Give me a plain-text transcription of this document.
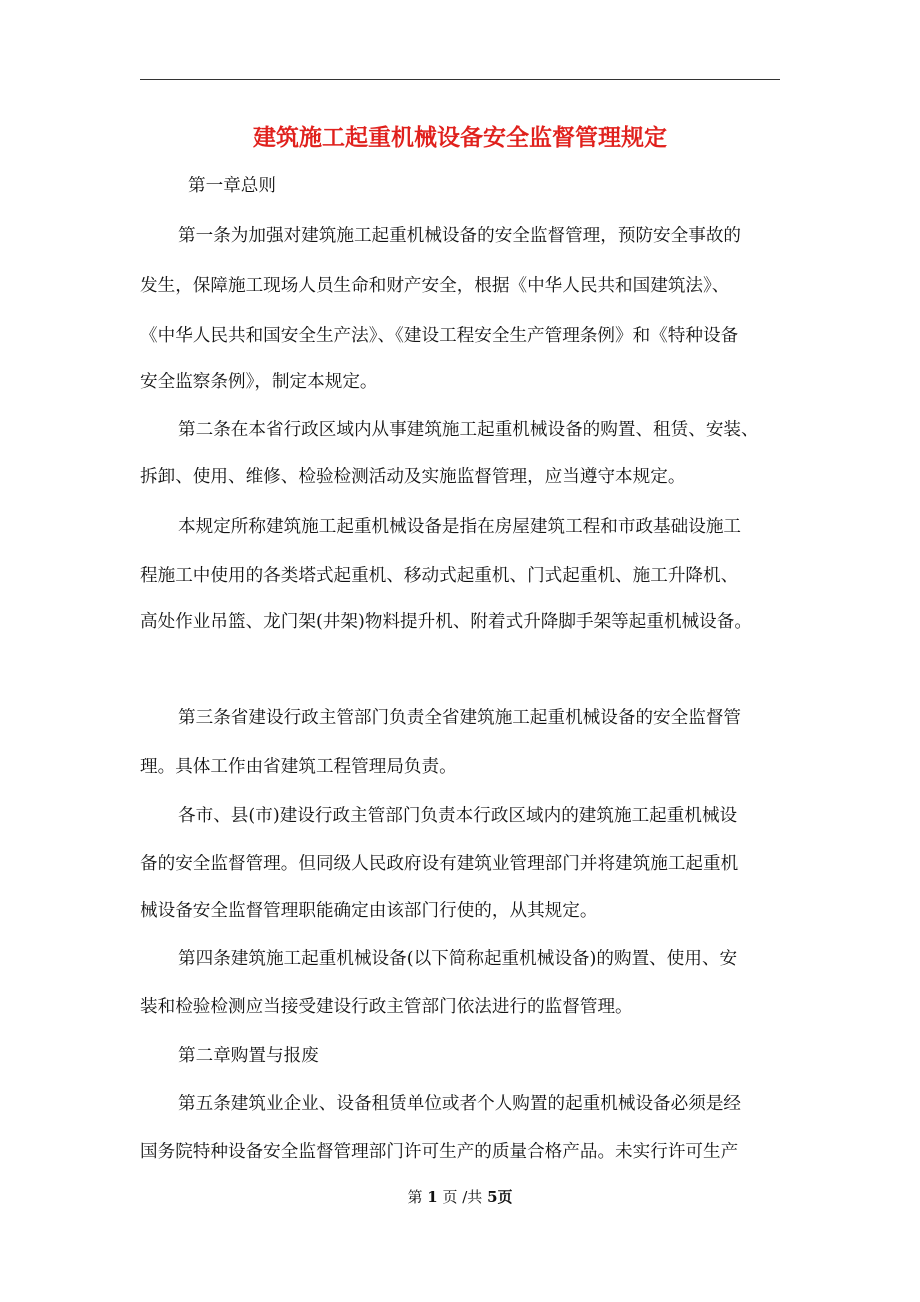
建筑施工起重机械设备安全监督管理规定
第一章总则
第一条为加强对建筑施工起重机械设备的安全监督管理，预防安全事故的
发生，保障施工现场人员生命和财产安全，根据《中华人民共和国建筑法》、
《中华人民共和国安全生产法》、《建设工程安全生产管理条例》和《特种设备
安全监察条例》，制定本规定。
第二条在本省行政区域内从事建筑施工起重机械设备的购置、租赁、安装、
拆卸、使用、维修、检验检测活动及实施监督管理，应当遵守本规定。
本规定所称建筑施工起重机械设备是指在房屋建筑工程和市政基础设施工
程施工中使用的各类塔式起重机、移动式起重机、门式起重机、施工升降机、
高处作业吊篮、龙门架(井架)物料提升机、附着式升降脚手架等起重机械设备。
第三条省建设行政主管部门负责全省建筑施工起重机械设备的安全监督管
理。具体工作由省建筑工程管理局负责。
各市、县(市)建设行政主管部门负责本行政区域内的建筑施工起重机械设
备的安全监督管理。但同级人民政府设有建筑业管理部门并将建筑施工起重机
械设备安全监督管理职能确定由该部门行使的，从其规定。
第四条建筑施工起重机械设备(以下简称起重机械设备)的购置、使用、安
装和检验检测应当接受建设行政主管部门依法进行的监督管理。
第二章购置与报废
第五条建筑业企业、设备租赁单位或者个人购置的起重机械设备必须是经
国务院特种设备安全监督管理部门许可生产的质量合格产品。未实行许可生产
第 1 页 /共 5页
